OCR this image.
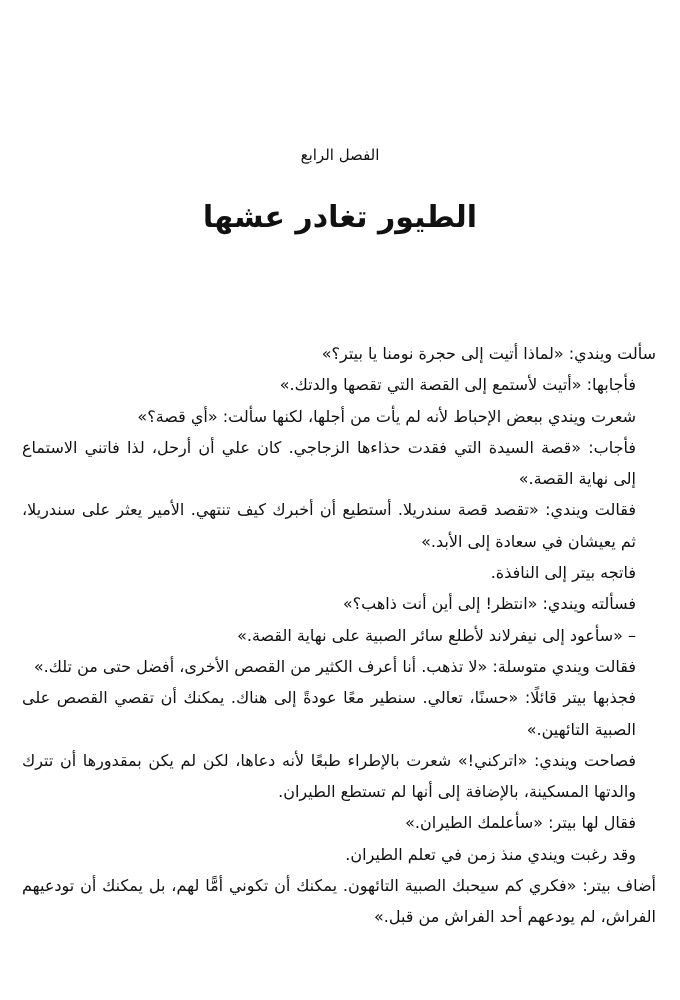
الفصل الرابع
الطيور تغادر عشها

سألت ويندي: «لماذا أتيت إلى حجرة نومنا يا بيتر؟»

فأجابها: «أتيت لأستمع إلى القصة التي تقصها والدتك.»

شعرت ويندي ببعض الإحباط لأنه لم يأت من أجلها، لكنها سألت: «أي قصة؟»

فأجاب: «قصة السيدة التي فقدت حذاءها الزجاجي. كان علي أن أرحل، لذا فاتني الاستماع إلى نهاية القصة.»

فقالت ويندي: «تقصد قصة سندريلا. أستطيع أن أخبرك كيف تنتهي. الأمير يعثر على سندريلا، ثم يعيشان في سعادة إلى الأبد.»

فاتجه بيتر إلى النافذة.

فسألته ويندي: «انتظر! إلى أين أنت ذاهب؟»

– «سأعود إلى نيفرلاند لأطلع سائر الصبية على نهاية القصة.»

فقالت ويندي متوسلة: «لا تذهب. أنا أعرف الكثير من القصص الأخرى، أفضل حتى من تلك.»

فجذبها بيتر قائلًا: «حسنًا، تعالي. سنطير معًا عودةً إلى هناك. يمكنك أن تقصي القصص على الصبية التائهين.»

فصاحت ويندي: «اتركني!» شعرت بالإطراء طبعًا لأنه دعاها، لكن لم يكن بمقدورها أن تترك والدتها المسكينة، بالإضافة إلى أنها لم تستطع الطيران.

فقال لها بيتر: «سأعلمك الطيران.»

وقد رغبت ويندي منذ زمن في تعلم الطيران.

أضاف بيتر: «فكري كم سيحبك الصبية التائهون. يمكنك أن تكوني أمًّا لهم، بل يمكنك أن تودعيهم الفراش، لم يودعهم أحد الفراش من قبل.»
